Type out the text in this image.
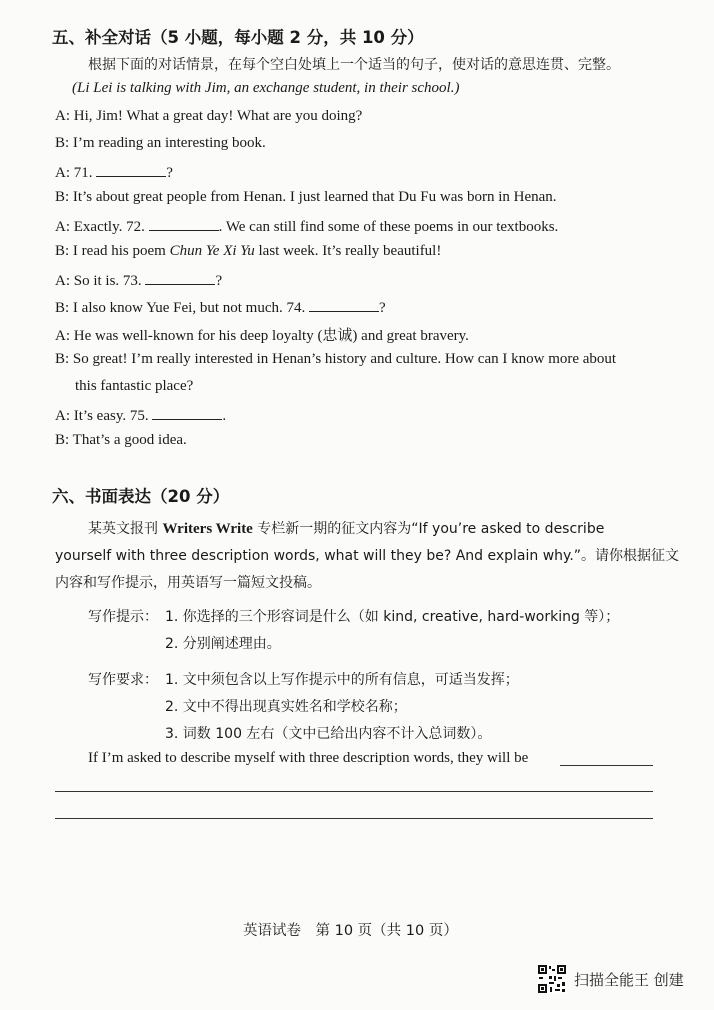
五、补全对话（5 小题，每小题 2 分，共 10 分）
根据下面的对话情景，在每个空白处填上一个适当的句子，使对话的意思连贯、完整。
(Li Lei is talking with Jim, an exchange student, in their school.)
A: Hi, Jim! What a great day! What are you doing?
B: I’m reading an interesting book.
A: 71.	?
B: It’s about great people from Henan. I just learned that Du Fu was born in Henan.
A: Exactly. 72.	. We can still find some of these poems in our textbooks.
B: I read his poem Chun Ye Xi Yu last week. It’s really beautiful!
A: So it is. 73.	?
B: I also know Yue Fei, but not much. 74.	?
A: He was well-known for his deep loyalty (忠诚) and great bravery.
B: So great! I’m really interested in Henan’s history and culture. How can I know more about
this fantastic place?
A: It’s easy. 75.	.
B: That’s a good idea.
六、书面表达（20 分）
某英文报刊 Writers Write 专栏新一期的征文内容为“If you’re asked to describe
yourself with three description words, what will they be? And explain why.”。请你根据征文
内容和写作提示，用英语写一篇短文投稿。
写作提示： 1. 你选择的三个形容词是什么（如 kind, creative, hard-working 等）；
2. 分别阐述理由。
写作要求： 1. 文中须包含以上写作提示中的所有信息，可适当发挥；
2. 文中不得出现真实姓名和学校名称；
3. 词数 100 左右（文中已给出内容不计入总词数）。
If I’m asked to describe myself with three description words, they will be
英语试卷　第 10 页（共 10 页）
扫描全能王 创建
